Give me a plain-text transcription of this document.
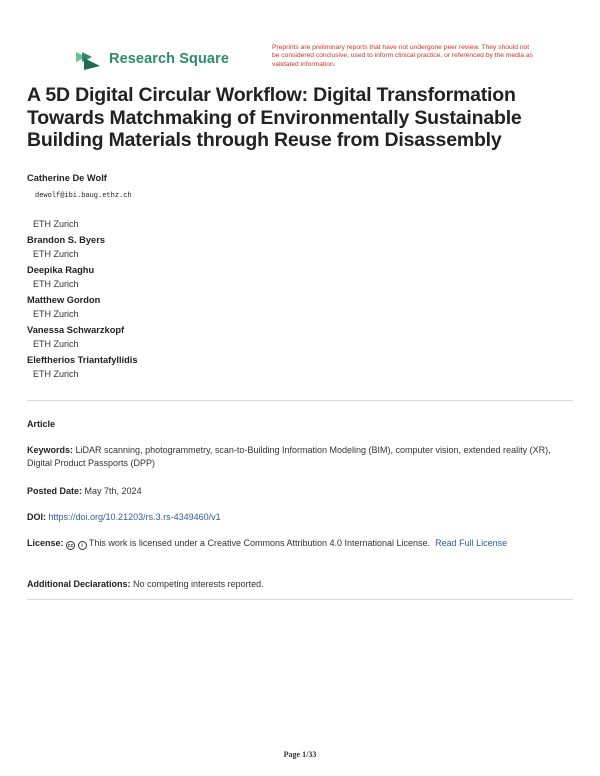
Research Square
Preprints are preliminary reports that have not undergone peer review. They should not be considered conclusive, used to inform clinical practice, or referenced by the media as validated information.
A 5D Digital Circular Workflow: Digital Transformation Towards Matchmaking of Environmentally Sustainable Building Materials through Reuse from Disassembly
Catherine De Wolf
dewolf@ibi.baug.ethz.ch
ETH Zurich
Brandon S. Byers
ETH Zurich
Deepika Raghu
ETH Zurich
Matthew Gordon
ETH Zurich
Vanessa Schwarzkopf
ETH Zurich
Eleftherios Triantafyllidis
ETH Zurich
Article
Keywords: LiDAR scanning, photogrammetry, scan-to-Building Information Modeling (BIM), computer vision, extended reality (XR), Digital Product Passports (DPP)
Posted Date: May 7th, 2024
DOI: https://doi.org/10.21203/rs.3.rs-4349460/v1
License: cc i This work is licensed under a Creative Commons Attribution 4.0 International License. Read Full License
Additional Declarations: No competing interests reported.
Page 1/33
